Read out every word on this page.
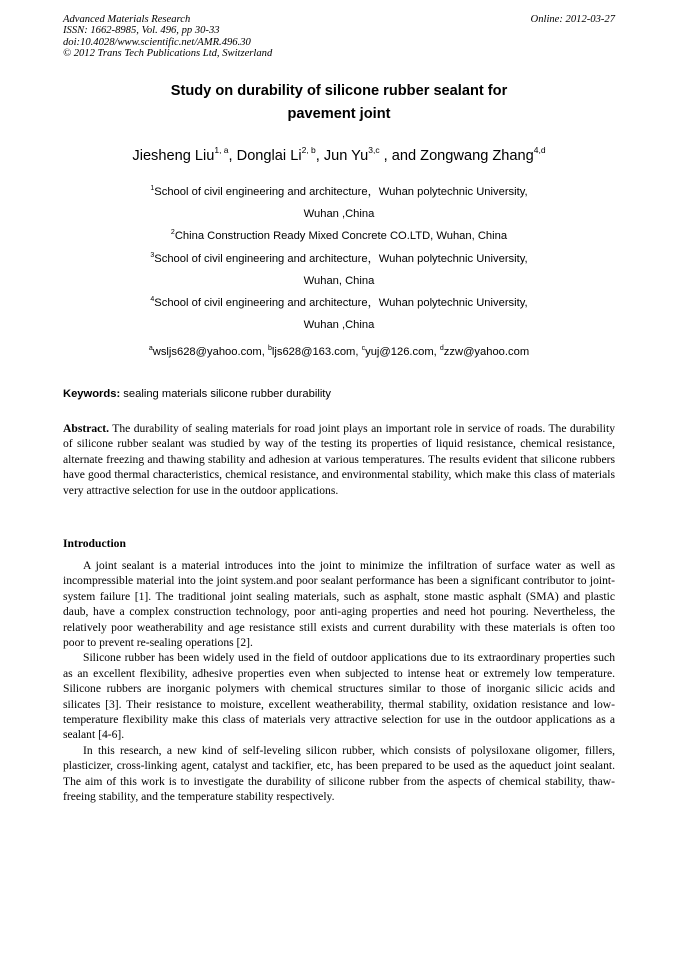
Advanced Materials Research
ISSN: 1662-8985, Vol. 496, pp 30-33
doi:10.4028/www.scientific.net/AMR.496.30
© 2012 Trans Tech Publications Ltd, Switzerland
Online: 2012-03-27
Study on durability of silicone rubber sealant for
pavement joint
Jiesheng Liu$^{1, a}$, Donglai Li$^{2, b}$, Jun Yu$^{3,c}$ , and Zongwang Zhang$^{4,d}$
$^1$School of civil engineering and architecture，Wuhan polytechnic University,
Wuhan ,China
$^2$China Construction Ready Mixed Concrete CO.LTD, Wuhan, China
$^3$School of civil engineering and architecture，Wuhan polytechnic University,
Wuhan, China
$^4$School of civil engineering and architecture，Wuhan polytechnic University,
Wuhan ,China
$^a$wsljs628@yahoo.com, $^b$ljs628@163.com, $^c$yuj@126.com, $^d$zzw@yahoo.com
Keywords: sealing materials silicone rubber durability
Abstract. The durability of sealing materials for road joint plays an important role in service of roads. The durability of silicone rubber sealant was studied by way of the testing its properties of liquid resistance, chemical resistance, alternate freezing and thawing stability and adhesion at various temperatures. The results evident that silicone rubbers have good thermal characteristics, chemical resistance, and environmental stability, which make this class of materials very attractive selection for use in the outdoor applications.
Introduction

A joint sealant is a material introduces into the joint to minimize the infiltration of surface water as well as incompressible material into the joint system.and poor sealant performance has been a significant contributor to joint-system failure [1]. The traditional joint sealing materials, such as asphalt, stone mastic asphalt (SMA) and plastic daub, have a complex construction technology, poor anti-aging properties and need hot pouring. Nevertheless, the relatively poor weatherability and age resistance still exists and current durability with these materials is often too poor to prevent re-sealing operations [2].

Silicone rubber has been widely used in the field of outdoor applications due to its extraordinary properties such as an excellent flexibility, adhesive properties even when subjected to intense heat or extremely low temperature. Silicone rubbers are inorganic polymers with chemical structures similar to those of inorganic silicic acids and silicates [3]. Their resistance to moisture, excellent weatherability, thermal stability, oxidation resistance and low-temperature flexibility make this class of materials very attractive selection for use in the outdoor applications as a sealant [4-6].

In this research, a new kind of self-leveling silicon rubber, which consists of polysiloxane oligomer, fillers, plasticizer, cross-linking agent, catalyst and tackifier, etc, has been prepared to be used as the aqueduct joint sealant. The aim of this work is to investigate the durability of silicone rubber from the aspects of chemical stability, thaw-freeing stability, and the temperature stability respectively.
